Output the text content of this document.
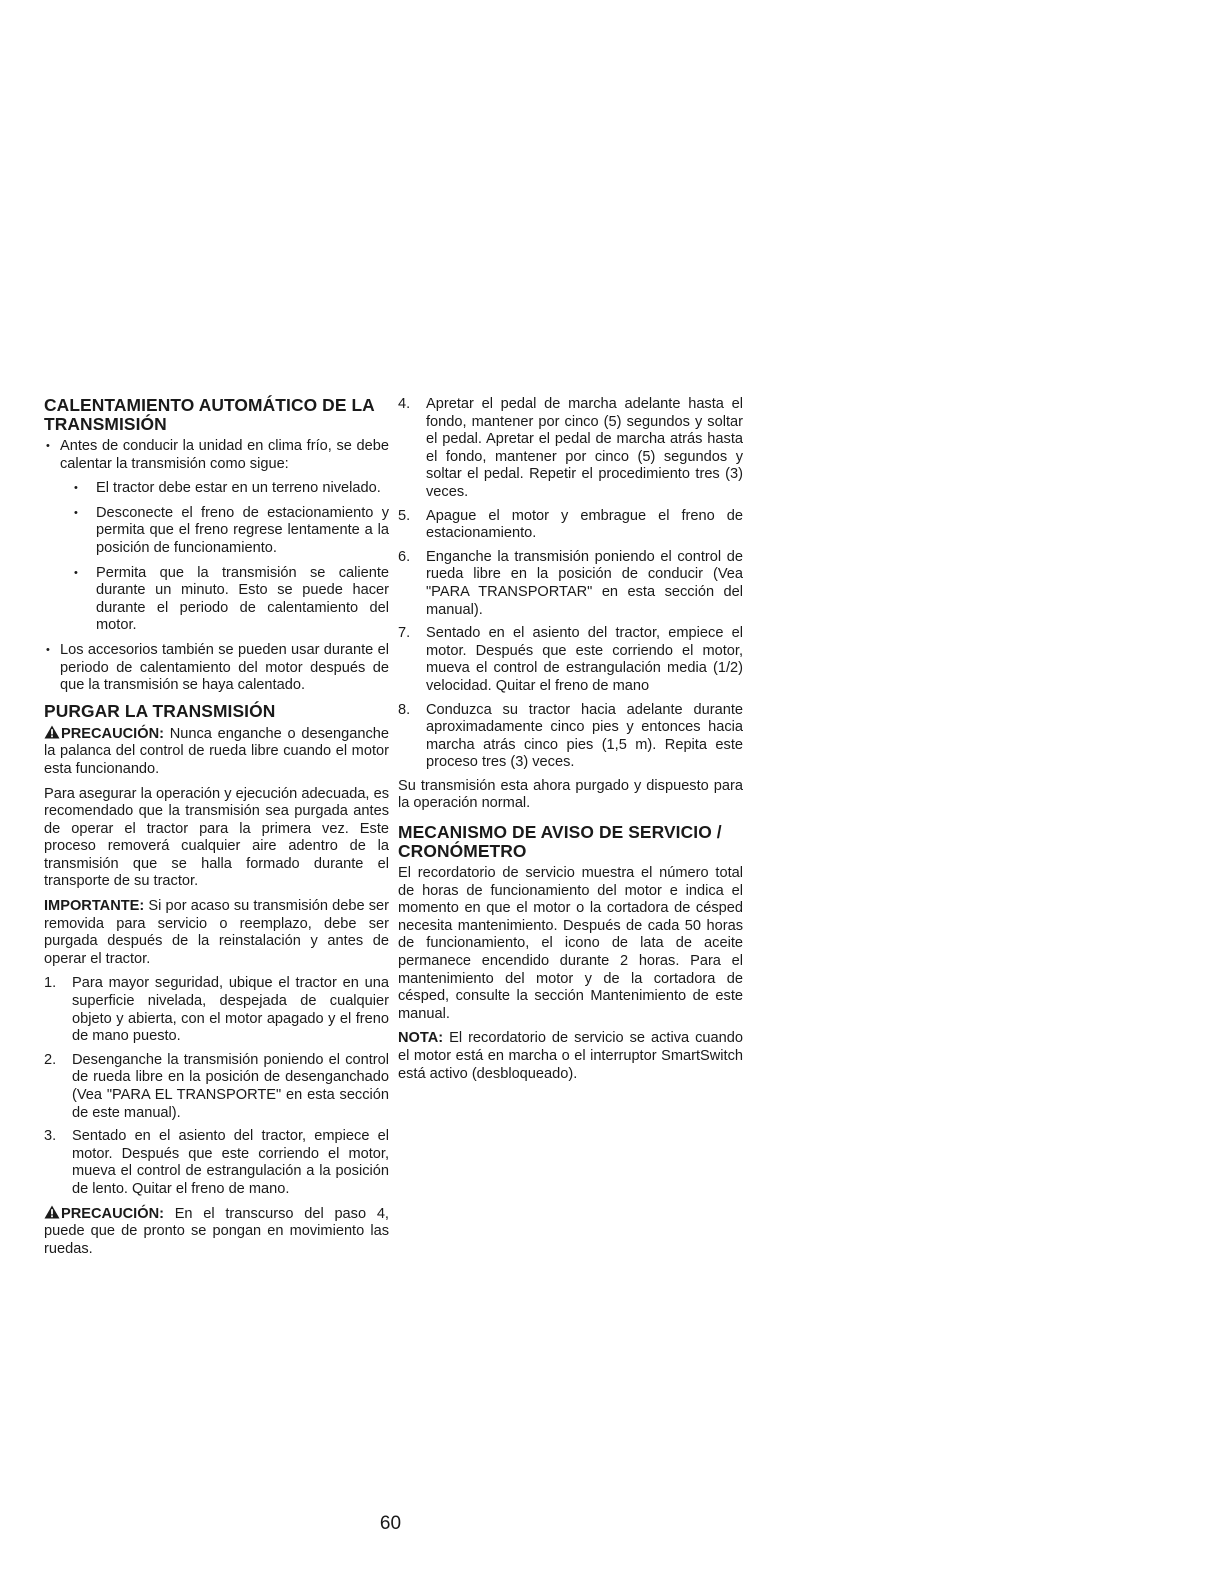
CALENTAMIENTO AUTOMÁTICO DE LA TRANSMISIÓN
• Antes de conducir la unidad en clima frío, se debe calentar la transmisión como sigue:
• El tractor debe estar en un terreno nivelado.
• Desconecte el freno de estacionamiento y permita que el freno regrese lentamente a la posición de funcionamiento.
• Permita que la transmisión se caliente durante un minuto. Esto se puede hacer durante el periodo de calentamiento del motor.
• Los accesorios también se pueden usar durante el periodo de calentamiento del motor después de que la transmisión se haya calentado.
PURGAR LA TRANSMISIÓN

PRECAUCIÓN: Nunca enganche o desenganche la palanca del control de rueda libre cuando el motor esta funcionando.

Para asegurar la operación y ejecución adecuada, es recomendado que la transmisión sea purgada antes de operar el tractor para la primera vez. Este proceso removerá cualquier aire adentro de la transmisión que se halla formado durante el transporte de su tractor.

IMPORTANTE: Si por acaso su transmisión debe ser removida para servicio o reemplazo, debe ser purgada después de la reinstalación y antes de operar el tractor.

1. Para mayor seguridad, ubique el tractor en una superficie nivelada, despejada de cualquier objeto y abierta, con el motor apagado y el freno de mano puesto.
2. Desenganche la transmisión poniendo el control de rueda libre en la posición de desenganchado (Vea "PARA EL TRANSPORTE" en esta sección de este manual).
3. Sentado en el asiento del tractor, empiece el motor. Después que este corriendo el motor, mueva el control de estrangulación a la posición de lento. Quitar el freno de mano.

PRECAUCIÓN: En el transcurso del paso 4, puede que de pronto se pongan en movimiento las ruedas.

4. Apretar el pedal de marcha adelante hasta el fondo, mantener por cinco (5) segundos y soltar el pedal. Apretar el pedal de marcha atrás hasta el fondo, mantener por cinco (5) segundos y soltar el pedal. Repetir el procedimiento tres (3) veces.
5. Apague el motor y embrague el freno de estacionamiento.
6. Enganche la transmisión poniendo el control de rueda libre en la posición de conducir (Vea "PARA TRANSPORTAR" en esta sección del manual).
7. Sentado en el asiento del tractor, empiece el motor. Después que este corriendo el motor, mueva el control de estrangulación media (1/2) velocidad. Quitar el freno de mano
8. Conduzca su tractor hacia adelante durante aproximadamente cinco pies y entonces hacia marcha atrás cinco pies (1,5 m). Repita este proceso tres (3) veces.

Su transmisión esta ahora purgado y dispuesto para la operación normal.

MECANISMO DE AVISO DE SERVICIO / CRONÓMETRO

El recordatorio de servicio muestra el número total de horas de funcionamiento del motor e indica el momento en que el motor o la cortadora de césped necesita mantenimiento. Después de cada 50 horas de funcionamiento, el icono de lata de aceite permanece encendido durante 2 horas. Para el mantenimiento del motor y de la cortadora de césped, consulte la sección Mantenimiento de este manual.

NOTA: El recordatorio de servicio se activa cuando el motor está en marcha o el interruptor SmartSwitch está activo (desbloqueado).

60
